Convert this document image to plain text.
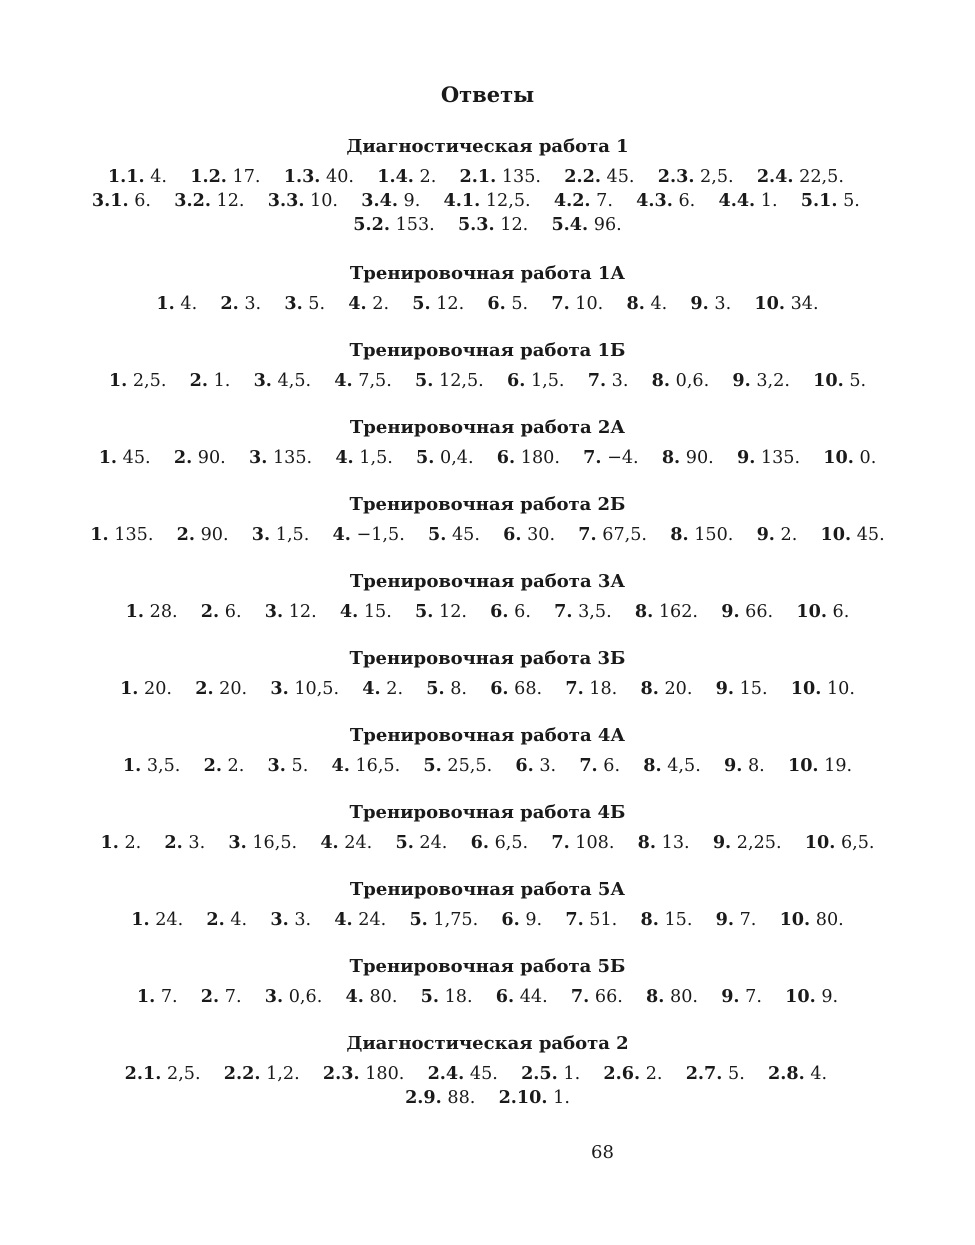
Ответы
Диагностическая работа 1
1.1. 4.    1.2. 17.    1.3. 40.    1.4. 2.    2.1. 135.    2.2. 45.    2.3. 2,5.    2.4. 22,5.   3.1. 6.    3.2. 12.    3.3. 10.    3.4. 9.    4.1. 12,5.    4.2. 7.    4.3. 6.    4.4. 1.    5.1. 5.   5.2. 153.    5.3. 12.    5.4. 96.
Тренировочная работа 1А
1. 4.    2. 3.    3. 5.    4. 2.    5. 12.    6. 5.    7. 10.    8. 4.    9. 3.    10. 34.
Тренировочная работа 1Б
1. 2,5.    2. 1.    3. 4,5.    4. 7,5.    5. 12,5.    6. 1,5.    7. 3.    8. 0,6.    9. 3,2.    10. 5.
Тренировочная работа 2А
1. 45.    2. 90.    3. 135.    4. 1,5.    5. 0,4.    6. 180.    7. −4.    8. 90.    9. 135.    10. 0.
Тренировочная работа 2Б
1. 135.    2. 90.    3. 1,5.    4. −1,5.    5. 45.    6. 30.    7. 67,5.    8. 150.    9. 2.    10. 45.
Тренировочная работа 3А
1. 28.    2. 6.    3. 12.    4. 15.    5. 12.    6. 6.    7. 3,5.    8. 162.    9. 66.    10. 6.
Тренировочная работа 3Б
1. 20.    2. 20.    3. 10,5.    4. 2.    5. 8.    6. 68.    7. 18.    8. 20.    9. 15.    10. 10.
Тренировочная работа 4А
1. 3,5.    2. 2.    3. 5.    4. 16,5.    5. 25,5.    6. 3.    7. 6.    8. 4,5.    9. 8.    10. 19.
Тренировочная работа 4Б
1. 2.    2. 3.    3. 16,5.    4. 24.    5. 24.    6. 6,5.    7. 108.    8. 13.    9. 2,25.    10. 6,5.
Тренировочная работа 5А
1. 24.    2. 4.    3. 3.    4. 24.    5. 1,75.    6. 9.    7. 51.    8. 15.    9. 7.    10. 80.
Тренировочная работа 5Б
1. 7.    2. 7.    3. 0,6.    4. 80.    5. 18.    6. 44.    7. 66.    8. 80.    9. 7.    10. 9.
Диагностическая работа 2
2.1. 2,5.    2.2. 1,2.    2.3. 180.    2.4. 45.    2.5. 1.    2.6. 2.    2.7. 5.    2.8. 4.   2.9. 88.    2.10. 1.
68
